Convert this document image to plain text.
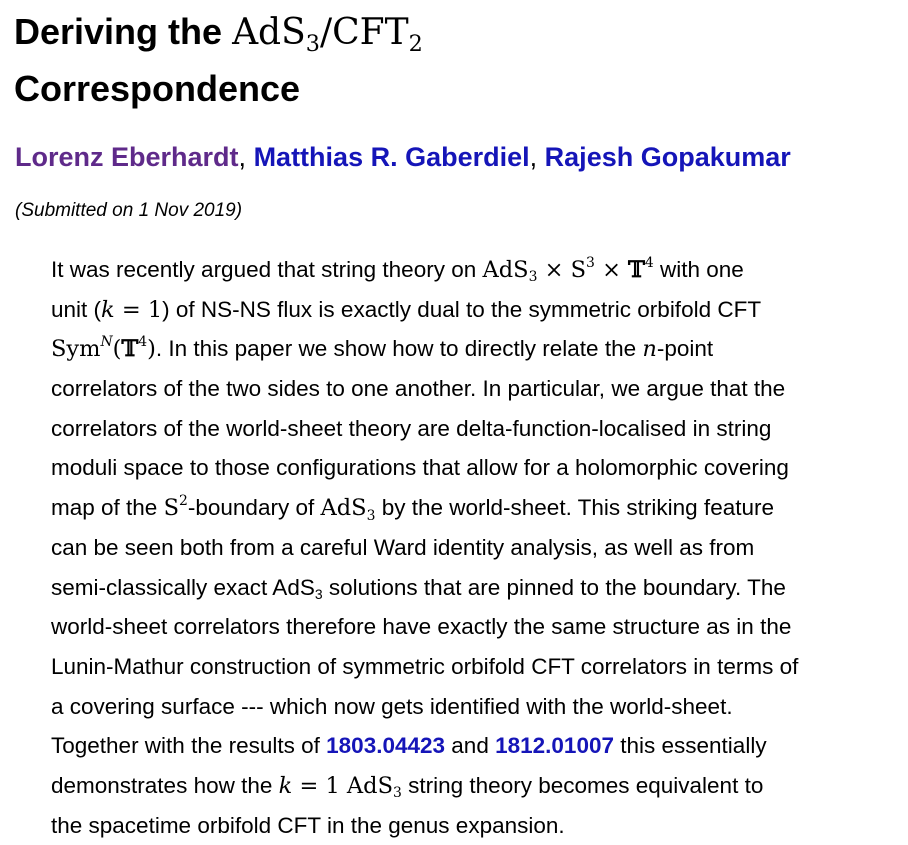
Deriving the $AdS_3/CFT_2$
Correspondence
Lorenz Eberhardt, Matthias R. Gaberdiel, Rajesh Gopakumar
(Submitted on 1 Nov 2019)
It was recently argued that string theory on $AdS_3 \times S^3$ × 𝕋$^4$ with one
unit (k = 1) of NS-NS flux is exactly dual to the symmetric orbifold CFT
Sym$^N$(𝕋$^4$). In this paper we show how to directly relate the n-point
correlators of the two sides to one another. In particular, we argue that the
correlators of the world-sheet theory are delta-function-localised in string
moduli space to those configurations that allow for a holomorphic covering
map of the $S^2$-boundary of AdS$_3$ by the world-sheet. This striking feature
can be seen both from a careful Ward identity analysis, as well as from
semi-classically exact AdS$_3$ solutions that are pinned to the boundary. The
world-sheet correlators therefore have exactly the same structure as in the
Lunin-Mathur construction of symmetric orbifold CFT correlators in terms of
a covering surface --- which now gets identified with the world-sheet.
Together with the results of 1803.04423 and 1812.01007 this essentially
demonstrates how the k = 1 AdS$_3$ string theory becomes equivalent to
the spacetime orbifold CFT in the genus expansion.
